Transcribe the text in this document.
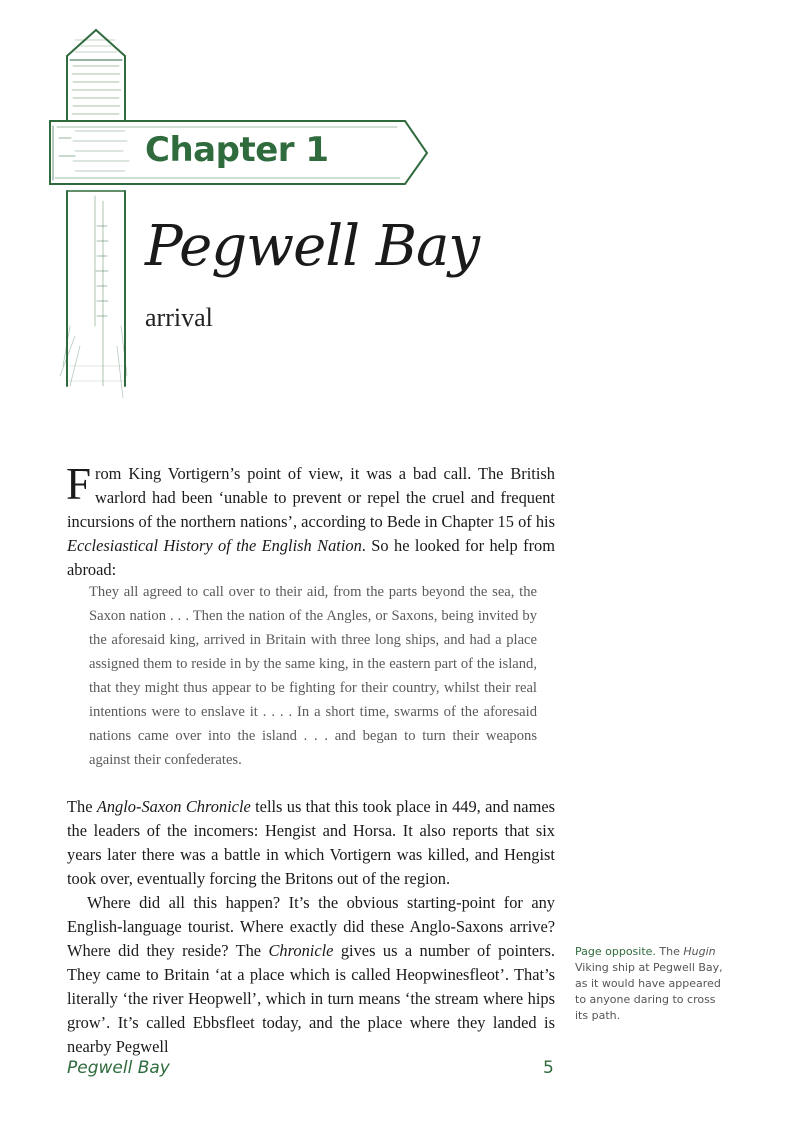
Chapter 1
Pegwell Bay
arrival

From King Vortigern’s point of view, it was a bad call. The British warlord had been ‘unable to prevent or repel the cruel and frequent incursions of the northern nations’, according to Bede in Chapter 15 of his Ecclesiastical History of the English Nation. So he looked for help from abroad:

They all agreed to call over to their aid, from the parts beyond the sea, the Saxon nation . . . Then the nation of the Angles, or Saxons, being invited by the aforesaid king, arrived in Britain with three long ships, and had a place assigned them to reside in by the same king, in the eastern part of the island, that they might thus appear to be fighting for their country, whilst their real intentions were to enslave it . . . . In a short time, swarms of the aforesaid nations came over into the island . . . and began to turn their weapons against their confederates.

The Anglo-Saxon Chronicle tells us that this took place in 449, and names the leaders of the incomers: Hengist and Horsa. It also reports that six years later there was a battle in which Vortigern was killed, and Hengist took over, eventually forcing the Britons out of the region.

Where did all this happen? It’s the obvious starting-point for any English-language tourist. Where exactly did these Anglo-Saxons arrive? Where did they reside? The Chronicle gives us a number of pointers. They came to Britain ‘at a place which is called Heopwinesfleot’. That’s literally ‘the river Heopwell’, which in turn means ‘the stream where hips grow’. It’s called Ebbsfleet today, and the place where they landed is nearby Pegwell

Page opposite. The Hugin Viking ship at Pegwell Bay, as it would have appeared to anyone daring to cross its path.
Pegwell Bay	5
